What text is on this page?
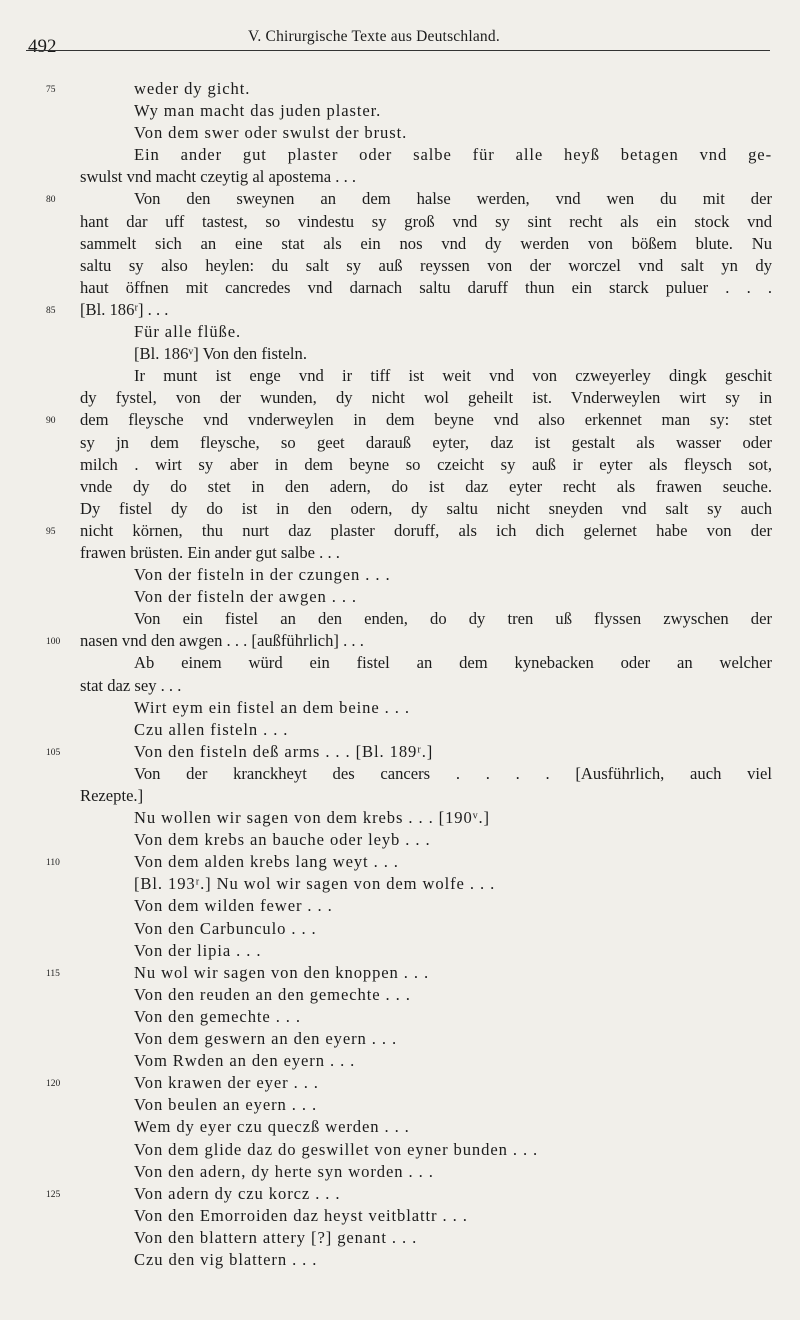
492	V. Chirurgische Texte aus Deutschland.
75	weder dy gicht.
Wy man macht das juden plaster.
Von dem swer oder swulst der brust.
Ein ander gut plaster oder salbe für alle heyß betagen vnd ge-
swulst vnd macht czeytig al apostema . . .
80	Von den sweynen an dem halse werden, vnd wen du mit der
hant dar uff tastest, so vindestu sy groß vnd sy sint recht als ein stock vnd
sammelt sich an eine stat als ein nos vnd dy werden von bößem blute. Nu
saltu sy also heylen: du salt sy auß reyssen von der worczel vnd salt yn dy
haut öffnen mit cancredes vnd darnach saltu daruff thun ein starck puluer . . .
85	[Bl. 186ʳ] . . .
Für alle flüße.
[Bl. 186ᵛ] Von den fisteln.
Ir munt ist enge vnd ir tiff ist weit vnd von czweyerley dingk geschit
dy fystel, von der wunden, dy nicht wol geheilt ist. Vnderweylen wirt sy in
90	dem fleysche vnd vnderweylen in dem beyne vnd also erkennet man sy: stet
sy jn dem fleysche, so geet darauß eyter, daz ist gestalt als wasser oder
milch . wirt sy aber in dem beyne so czeicht sy auß ir eyter als fleysch sot,
vnde dy do stet in den adern, do ist daz eyter recht als frawen seuche.
Dy fistel dy do ist in den odern, dy saltu nicht sneyden vnd salt sy auch
95	nicht körnen, thu nurt daz plaster doruff, als ich dich gelernet habe von der
frawen brüsten. Ein ander gut salbe . . .
Von der fisteln in der czungen . . .
Von der fisteln der awgen . . .
Von ein fistel an den enden, do dy tren uß flyssen zwyschen der
100	nasen vnd den awgen . . . [außführlich] . . .
Ab einem würd ein fistel an dem kynebacken oder an welcher
stat daz sey . . .
Wirt eym ein fistel an dem beine . . .
Czu allen fisteln . . .
105	Von den fisteln deß arms . . . [Bl. 189ʳ.]
Von der kranckheyt des cancers . . . . [Ausführlich, auch viel
Rezepte.]
Nu wollen wir sagen von dem krebs . . . [190ᵛ.]
Von dem krebs an bauche oder leyb . . .
110	Von dem alden krebs lang weyt . . .
[Bl. 193ʳ.] Nu wol wir sagen von dem wolfe . . .
Von dem wilden fewer . . .
Von den Carbunculo . . .
Von der lipia . . .
115	Nu wol wir sagen von den knoppen . . .
Von den reuden an den gemechte . . .
Von den gemechte . . .
Von dem geswern an den eyern . . .
Vom Rwden an den eyern . . .
120	Von krawen der eyer . . .
Von beulen an eyern . . .
Wem dy eyer czu queczß werden . . .
Von dem glide daz do geswillet von eyner bunden . . .
Von den adern, dy herte syn worden . . .
125	Von adern dy czu korcz . . .
Von den Emorroiden daz heyst veitblattr . . .
Von den blattern attery [?] genant . . .
Czu den vig blattern . . .
